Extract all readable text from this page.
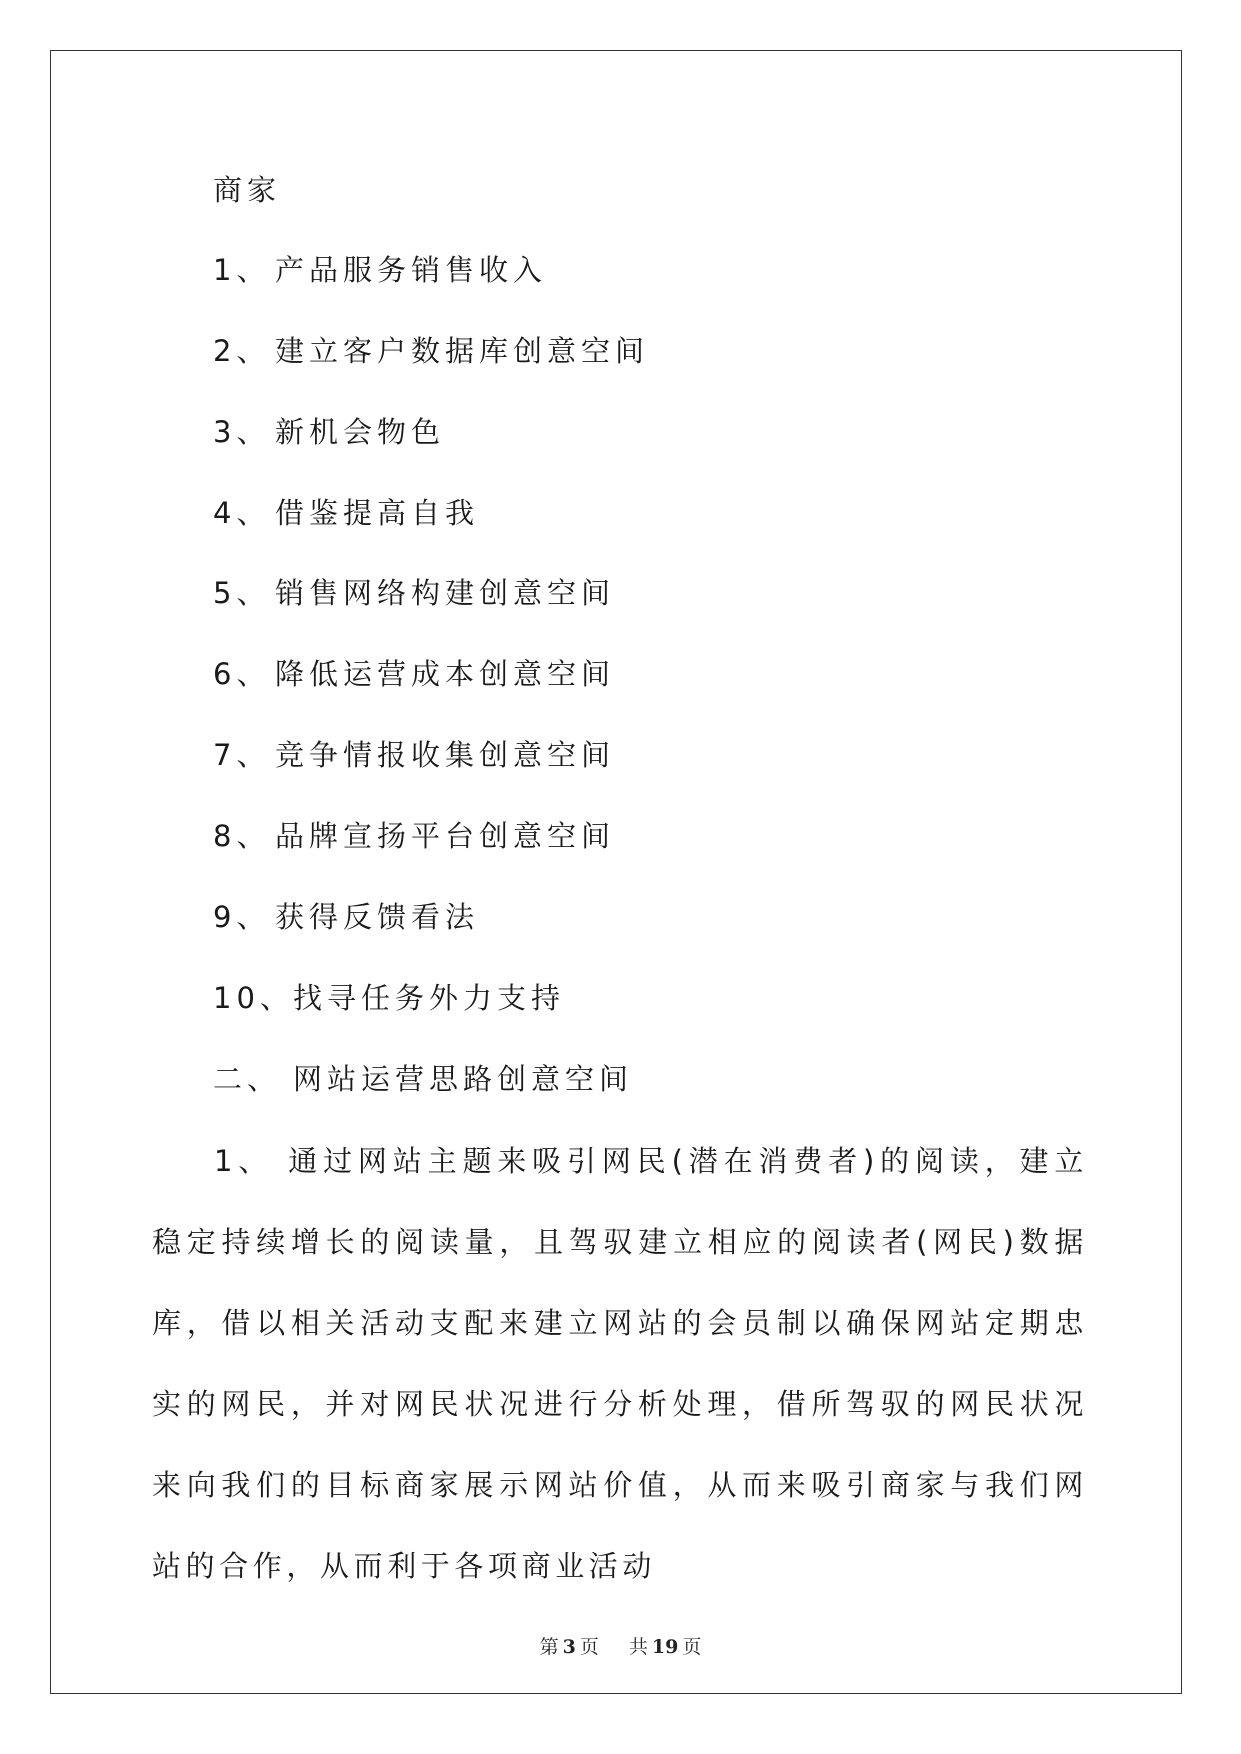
商家
1、 产品服务销售收入
2、 建立客户数据库创意空间
3、 新机会物色
4、 借鉴提高自我
5、 销售网络构建创意空间
6、 降低运营成本创意空间
7、 竞争情报收集创意空间
8、 品牌宣扬平台创意空间
9、 获得反馈看法
10、找寻任务外力支持
二、 网站运营思路创意空间
1、 通过网站主题来吸引网民(潜在消费者)的阅读，建立稳定持续增长的阅读量，且驾驭建立相应的阅读者(网民)数据库，借以相关活动支配来建立网站的会员制以确保网站定期忠实的网民，并对网民状况进行分析处理，借所驾驭的网民状况来向我们的目标商家展示网站价值，从而来吸引商家与我们网站的合作，从而利于各项商业活动
第 3 页 共 19 页
